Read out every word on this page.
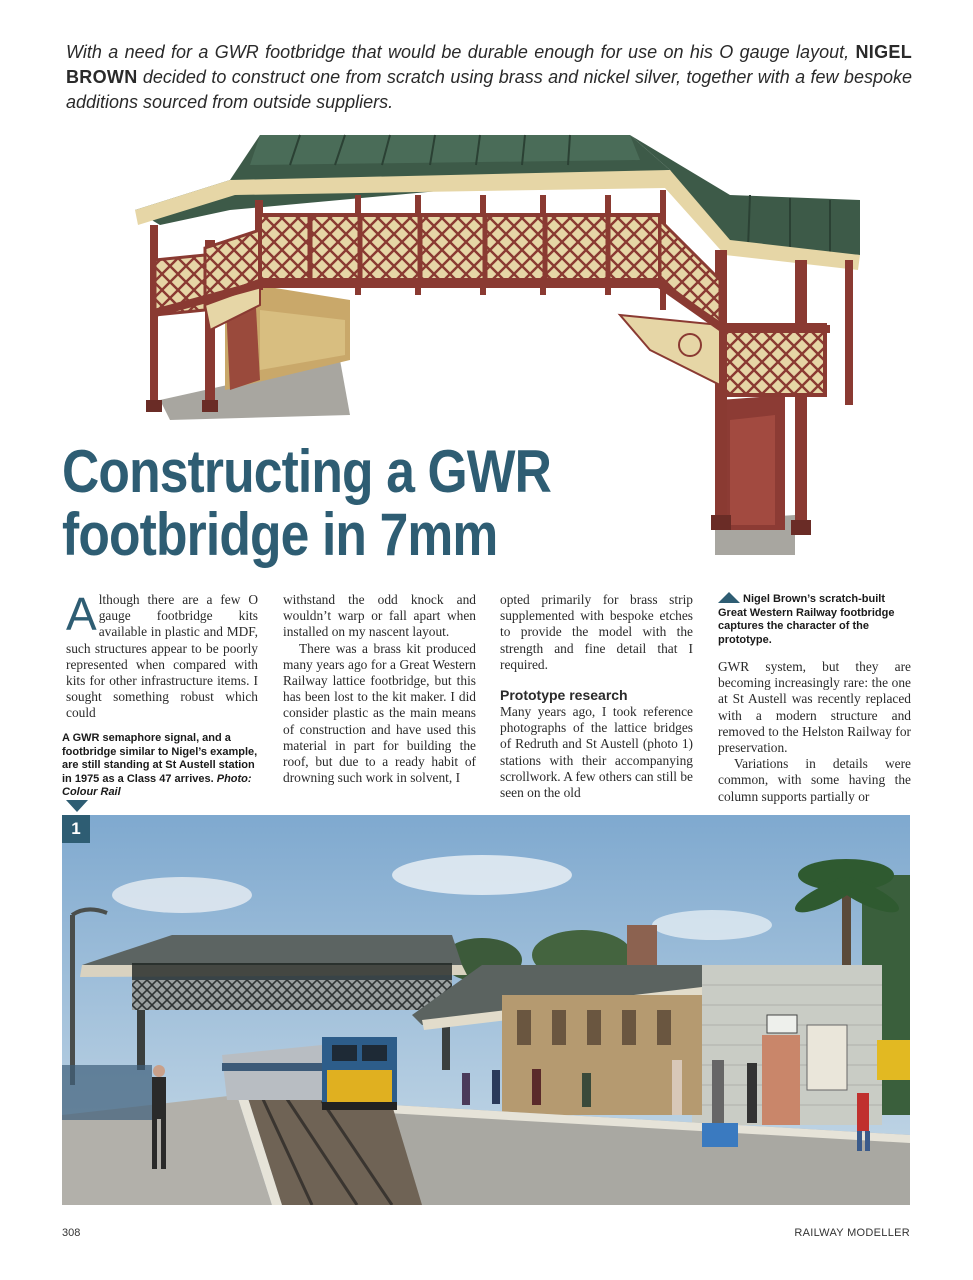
With a need for a GWR footbridge that would be durable enough for use on his O gauge layout, NIGEL BROWN decided to construct one from scratch using brass and nickel silver, together with a few bespoke additions sourced from outside suppliers.
Constructing a GWR
footbridge in 7mm

Although there are a few O gauge footbridge kits available in plastic and MDF, such structures appear to be poorly represented when compared with kits for other infrastructure items. I sought something robust which could

A GWR semaphore signal, and a footbridge similar to Nigel’s example, are still standing at St Austell station in 1975 as a Class 47 arrives. Photo: Colour Rail

withstand the odd knock and wouldn’t warp or fall apart when installed on my nascent layout.

There was a brass kit produced many years ago for a Great Western Railway lattice footbridge, but this has been lost to the kit maker. I did consider plastic as the main means of construction and have used this material in part for building the roof, but due to a ready habit of drowning such work in solvent, I

opted primarily for brass strip supplemented with bespoke etches to provide the model with the strength and fine detail that I required.

Prototype research

Many years ago, I took reference photographs of the lattice bridges of Redruth and St Austell (photo 1) stations with their accompanying scrollwork. A few others can still be seen on the old

Nigel Brown’s scratch-built Great Western Railway footbridge captures the character of the prototype.

GWR system, but they are becoming increasingly rare: the one at St Austell was recently replaced with a modern structure and removed to the Helston Railway for preservation.

Variations in details were common, with some having the column supports partially or

1
308	RAILWAY MODELLER
